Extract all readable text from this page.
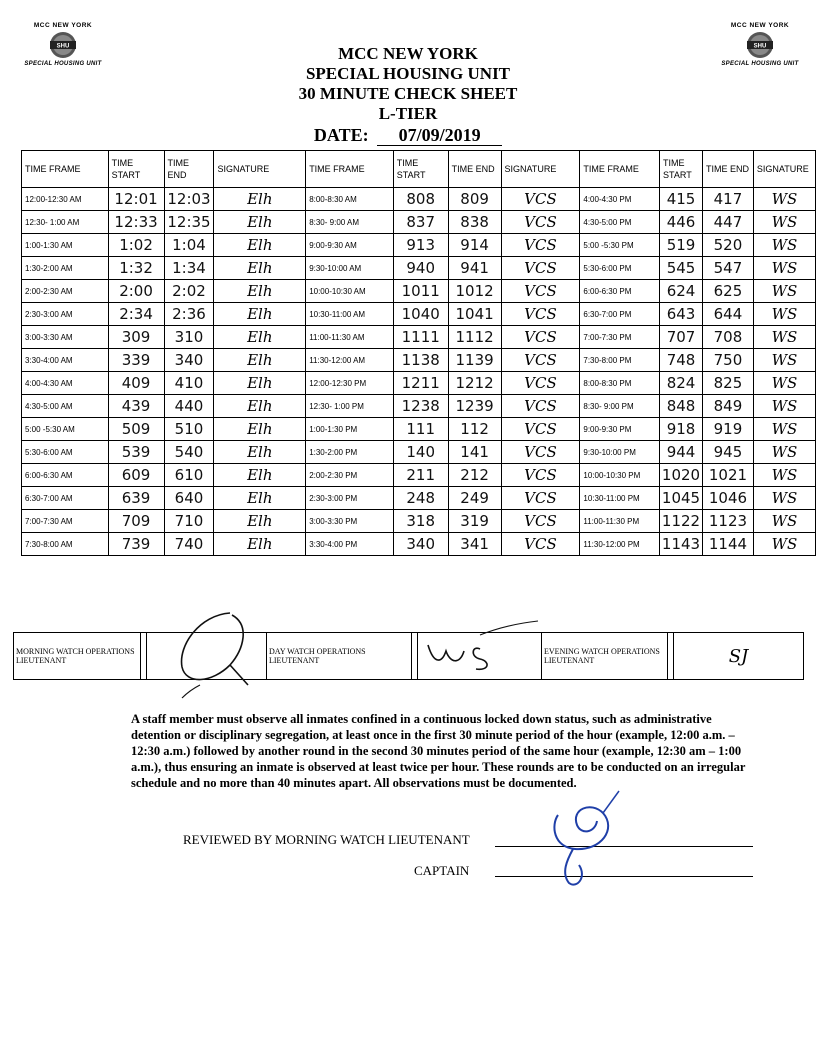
MCC NEW YORK
SHU
SPECIAL HOUSING UNIT
MCC NEW YORK
SHU
SPECIAL HOUSING UNIT
MCC NEW YORK
SPECIAL HOUSING UNIT
30 MINUTE CHECK SHEET
L-TIER
DATE: 07/09/2019
TIME FRAME	TIME START	TIME END	SIGNATURE	TIME FRAME	TIME START	TIME END	SIGNATURE	TIME FRAME	TIME START	TIME END	SIGNATURE
12:00-12:30 AM	12:01	12:03	Elh	8:00-8:30 AM	808	809	VCS	4:00-4:30 PM	415	417	WS
12:30- 1:00 AM	12:33	12:35	Elh	8:30- 9:00 AM	837	838	VCS	4:30-5:00 PM	446	447	WS
1:00-1:30 AM	1:02	1:04	Elh	9:00-9:30 AM	913	914	VCS	5:00 -5:30 PM	519	520	WS
1:30-2:00 AM	1:32	1:34	Elh	9:30-10:00 AM	940	941	VCS	5:30-6:00 PM	545	547	WS
2:00-2:30 AM	2:00	2:02	Elh	10:00-10:30 AM	1011	1012	VCS	6:00-6:30 PM	624	625	WS
2:30-3:00 AM	2:34	2:36	Elh	10:30-11:00 AM	1040	1041	VCS	6:30-7:00 PM	643	644	WS
3:00-3:30 AM	309	310	Elh	11:00-11:30 AM	1111	1112	VCS	7:00-7:30 PM	707	708	WS
3:30-4:00 AM	339	340	Elh	11:30-12:00 AM	1138	1139	VCS	7:30-8:00 PM	748	750	WS
4:00-4:30 AM	409	410	Elh	12:00-12:30 PM	1211	1212	VCS	8:00-8:30 PM	824	825	WS
4:30-5:00 AM	439	440	Elh	12:30- 1:00 PM	1238	1239	VCS	8:30- 9:00 PM	848	849	WS
5:00 -5:30 AM	509	510	Elh	1:00-1:30 PM	111	112	VCS	9:00-9:30 PM	918	919	WS
5:30-6:00 AM	539	540	Elh	1:30-2:00 PM	140	141	VCS	9:30-10:00 PM	944	945	WS
6:00-6:30 AM	609	610	Elh	2:00-2:30 PM	211	212	VCS	10:00-10:30 PM	1020	1021	WS
6:30-7:00 AM	639	640	Elh	2:30-3:00 PM	248	249	VCS	10:30-11:00 PM	1045	1046	WS
7:00-7:30 AM	709	710	Elh	3:00-3:30 PM	318	319	VCS	11:00-11:30 PM	1122	1123	WS
7:30-8:00 AM	739	740	Elh	3:30-4:00 PM	340	341	VCS	11:30-12:00 PM	1143	1144	WS
MORNING WATCH OPERATIONS LIEUTENANT			DAY WATCH OPERATIONS LIEUTENANT			EVENING WATCH OPERATIONS LIEUTENANT		SJ

A staff member must observe all inmates confined in a continuous locked down status, such as administrative detention or disciplinary segregation, at least once in the first 30 minute period of the hour (example, 12:00 a.m. – 12:30 a.m.) followed by another round in the second 30 minutes period of the same hour (example, 12:30 am – 1:00 a.m.), thus ensuring an inmate is observed at least twice per hour. These rounds are to be conducted on an irregular schedule and no more than 40 minutes apart. All observations must be documented.

REVIEWED BY MORNING WATCH LIEUTENANT
CAPTAIN
